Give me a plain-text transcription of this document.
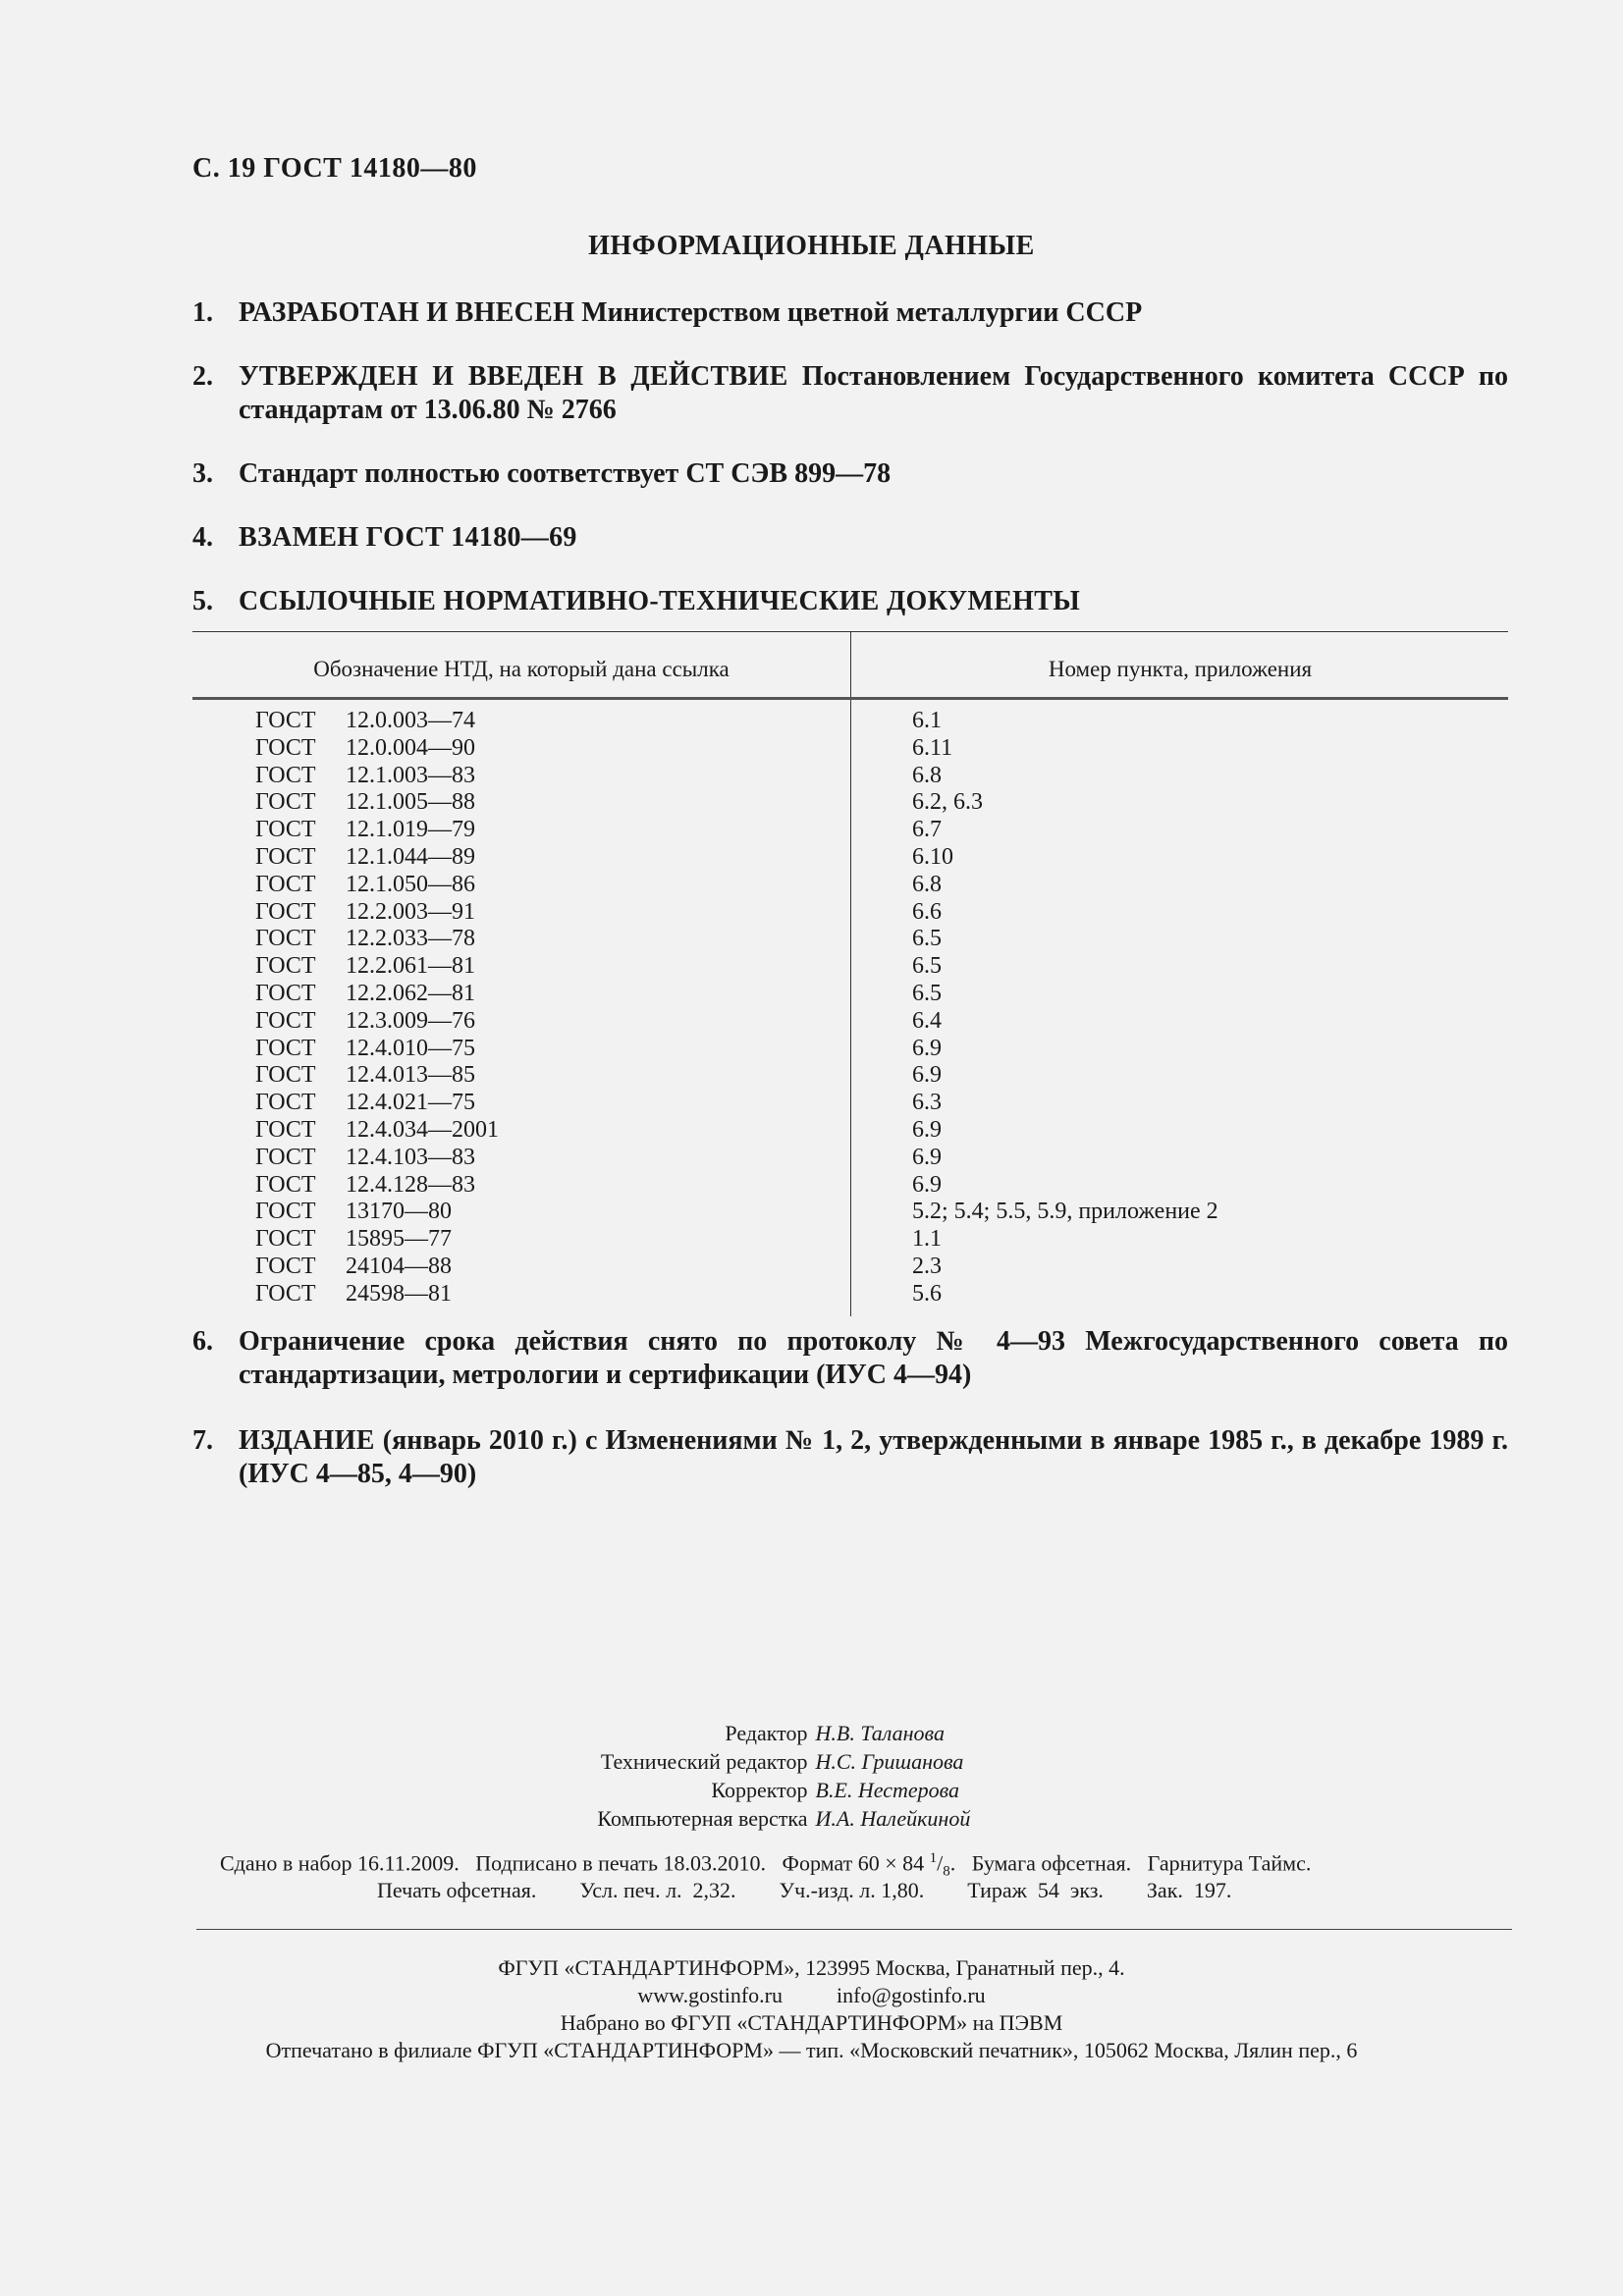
С. 19 ГОСТ 14180—80
ИНФОРМАЦИОННЫЕ ДАННЫЕ
1. РАЗРАБОТАН И ВНЕСЕН Министерством цветной металлургии СССР
2. УТВЕРЖДЕН И ВВЕДЕН В ДЕЙСТВИЕ Постановлением Государственного комитета СССР по стандартам от 13.06.80 № 2766
3. Стандарт полностью соответствует СТ СЭВ 899—78
4. ВЗАМЕН ГОСТ 14180—69
5. ССЫЛОЧНЫЕ НОРМАТИВНО-ТЕХНИЧЕСКИЕ ДОКУМЕНТЫ
Обозначение НТД, на который дана ссылка	Номер пункта, приложения
ГОСТ 12.0.003—74	6.1
ГОСТ 12.0.004—90	6.11
ГОСТ 12.1.003—83	6.8
ГОСТ 12.1.005—88	6.2, 6.3
ГОСТ 12.1.019—79	6.7
ГОСТ 12.1.044—89	6.10
ГОСТ 12.1.050—86	6.8
ГОСТ 12.2.003—91	6.6
ГОСТ 12.2.033—78	6.5
ГОСТ 12.2.061—81	6.5
ГОСТ 12.2.062—81	6.5
ГОСТ 12.3.009—76	6.4
ГОСТ 12.4.010—75	6.9
ГОСТ 12.4.013—85	6.9
ГОСТ 12.4.021—75	6.3
ГОСТ 12.4.034—2001	6.9
ГОСТ 12.4.103—83	6.9
ГОСТ 12.4.128—83	6.9
ГОСТ 13170—80	5.2; 5.4; 5.5, 5.9, приложение 2
ГОСТ 15895—77	1.1
ГОСТ 24104—88	2.3
ГОСТ 24598—81	5.6
6. Ограничение срока действия снято по протоколу № 4—93 Межгосударственного совета по стандартизации, метрологии и сертификации (ИУС 4—94)
7. ИЗДАНИЕ (январь 2010 г.) с Изменениями № 1, 2, утвержденными в январе 1985 г., в декабре 1989 г. (ИУС 4—85, 4—90)
Редактор Н.В. Таланова
Технический редактор Н.С. Гришанова
Корректор В.Е. Нестерова
Компьютерная верстка И.А. Налейкиной
Сдано в набор 16.11.2009.   Подписано в печать 18.03.2010.   Формат 60 × 84 $^1/_8$.   Бумага офсетная.   Гарнитура Таймс.
Печать офсетная.        Усл. печ. л.  2,32.        Уч.-изд. л. 1,80.        Тираж  54  экз.        Зак.  197.
ФГУП «СТАНДАРТИНФОРМ», 123995 Москва, Гранатный пер., 4.
www.gostinfo.ru	info@gostinfo.ru
Набрано во ФГУП «СТАНДАРТИНФОРМ» на ПЭВМ
Отпечатано в филиале ФГУП «СТАНДАРТИНФОРМ» — тип. «Московский печатник», 105062 Москва, Лялин пер., 6
